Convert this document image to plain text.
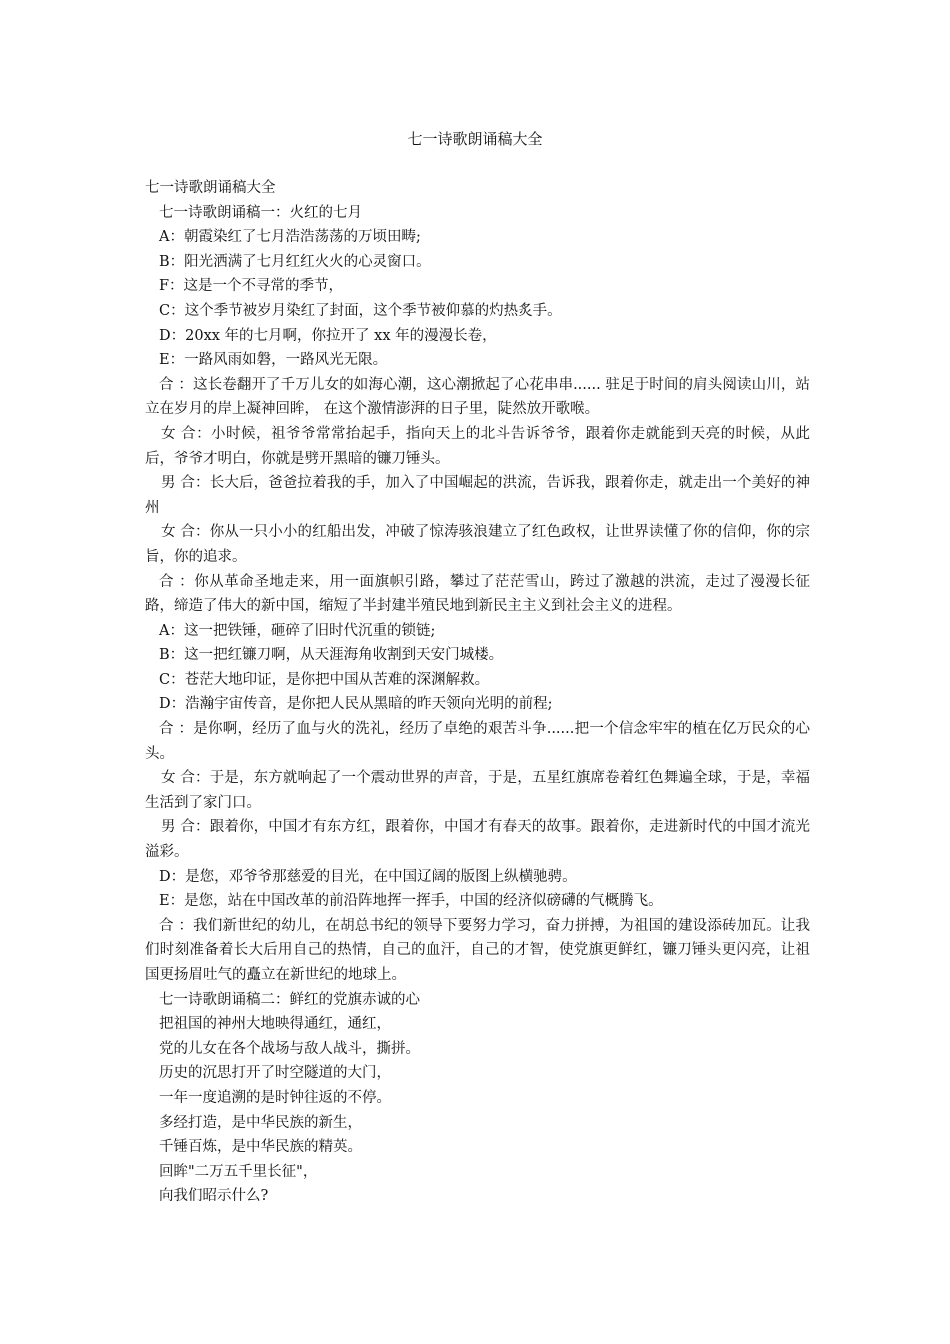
七一诗歌朗诵稿大全

七一诗歌朗诵稿大全

七一诗歌朗诵稿一：火红的七月

A：朝霞染红了七月浩浩荡荡的万顷田畴;

B：阳光洒满了七月红红火火的心灵窗口。

F：这是一个不寻常的季节，

C：这个季节被岁月染红了封面，这个季节被仰慕的灼热炙手。

D：20xx 年的七月啊，你拉开了 xx 年的漫漫长卷，

E：一路风雨如磐，一路风光无限。

合 ：这长卷翻开了千万儿女的如海心潮，这心潮掀起了心花串串...... 驻足于时间的肩头阅读山川，站立在岁月的岸上凝神回眸， 在这个激情澎湃的日子里，陡然放开歌喉。

女 合：小时候，祖爷爷常常抬起手，指向天上的北斗告诉爷爷，跟着你走就能到天亮的时候，从此后，爷爷才明白，你就是劈开黑暗的镰刀锤头。

男 合：长大后，爸爸拉着我的手，加入了中国崛起的洪流，告诉我，跟着你走，就走出一个美好的神州

女 合：你从一只小小的红船出发，冲破了惊涛骇浪建立了红色政权，让世界读懂了你的信仰，你的宗旨，你的追求。

合 ：你从革命圣地走来，用一面旗帜引路，攀过了茫茫雪山，跨过了激越的洪流，走过了漫漫长征路，缔造了伟大的新中国，缩短了半封建半殖民地到新民主主义到社会主义的进程。

A：这一把铁锤，砸碎了旧时代沉重的锁链;

B：这一把红镰刀啊，从天涯海角收割到天安门城楼。

C：苍茫大地印证，是你把中国从苦难的深渊解救。

D：浩瀚宇宙传音，是你把人民从黑暗的昨天领向光明的前程;

合 ：是你啊，经历了血与火的洗礼，经历了卓绝的艰苦斗争......把一个信念牢牢的植在亿万民众的心头。

女 合：于是，东方就响起了一个震动世界的声音，于是，五星红旗席卷着红色舞遍全球，于是，幸福生活到了家门口。

男 合：跟着你，中国才有东方红，跟着你，中国才有春天的故事。跟着你，走进新时代的中国才流光溢彩。

D：是您，邓爷爷那慈爱的目光，在中国辽阔的版图上纵横驰骋。

E：是您，站在中国改革的前沿阵地挥一挥手，中国的经济似磅礴的气概腾飞。

合 ：我们新世纪的幼儿，在胡总书纪的领导下要努力学习，奋力拼搏，为祖国的建设添砖加瓦。让我们时刻准备着长大后用自己的热情，自己的血汗，自己的才智，使党旗更鲜红，镰刀锤头更闪亮，让祖国更扬眉吐气的矗立在新世纪的地球上。

七一诗歌朗诵稿二：鲜红的党旗赤诚的心

把祖国的神州大地映得通红，通红，

党的儿女在各个战场与敌人战斗，撕拼。

历史的沉思打开了时空隧道的大门，

一年一度追溯的是时钟往返的不停。

多经打造，是中华民族的新生，

千锤百炼，是中华民族的精英。

回眸"二万五千里长征"，

向我们昭示什么?
